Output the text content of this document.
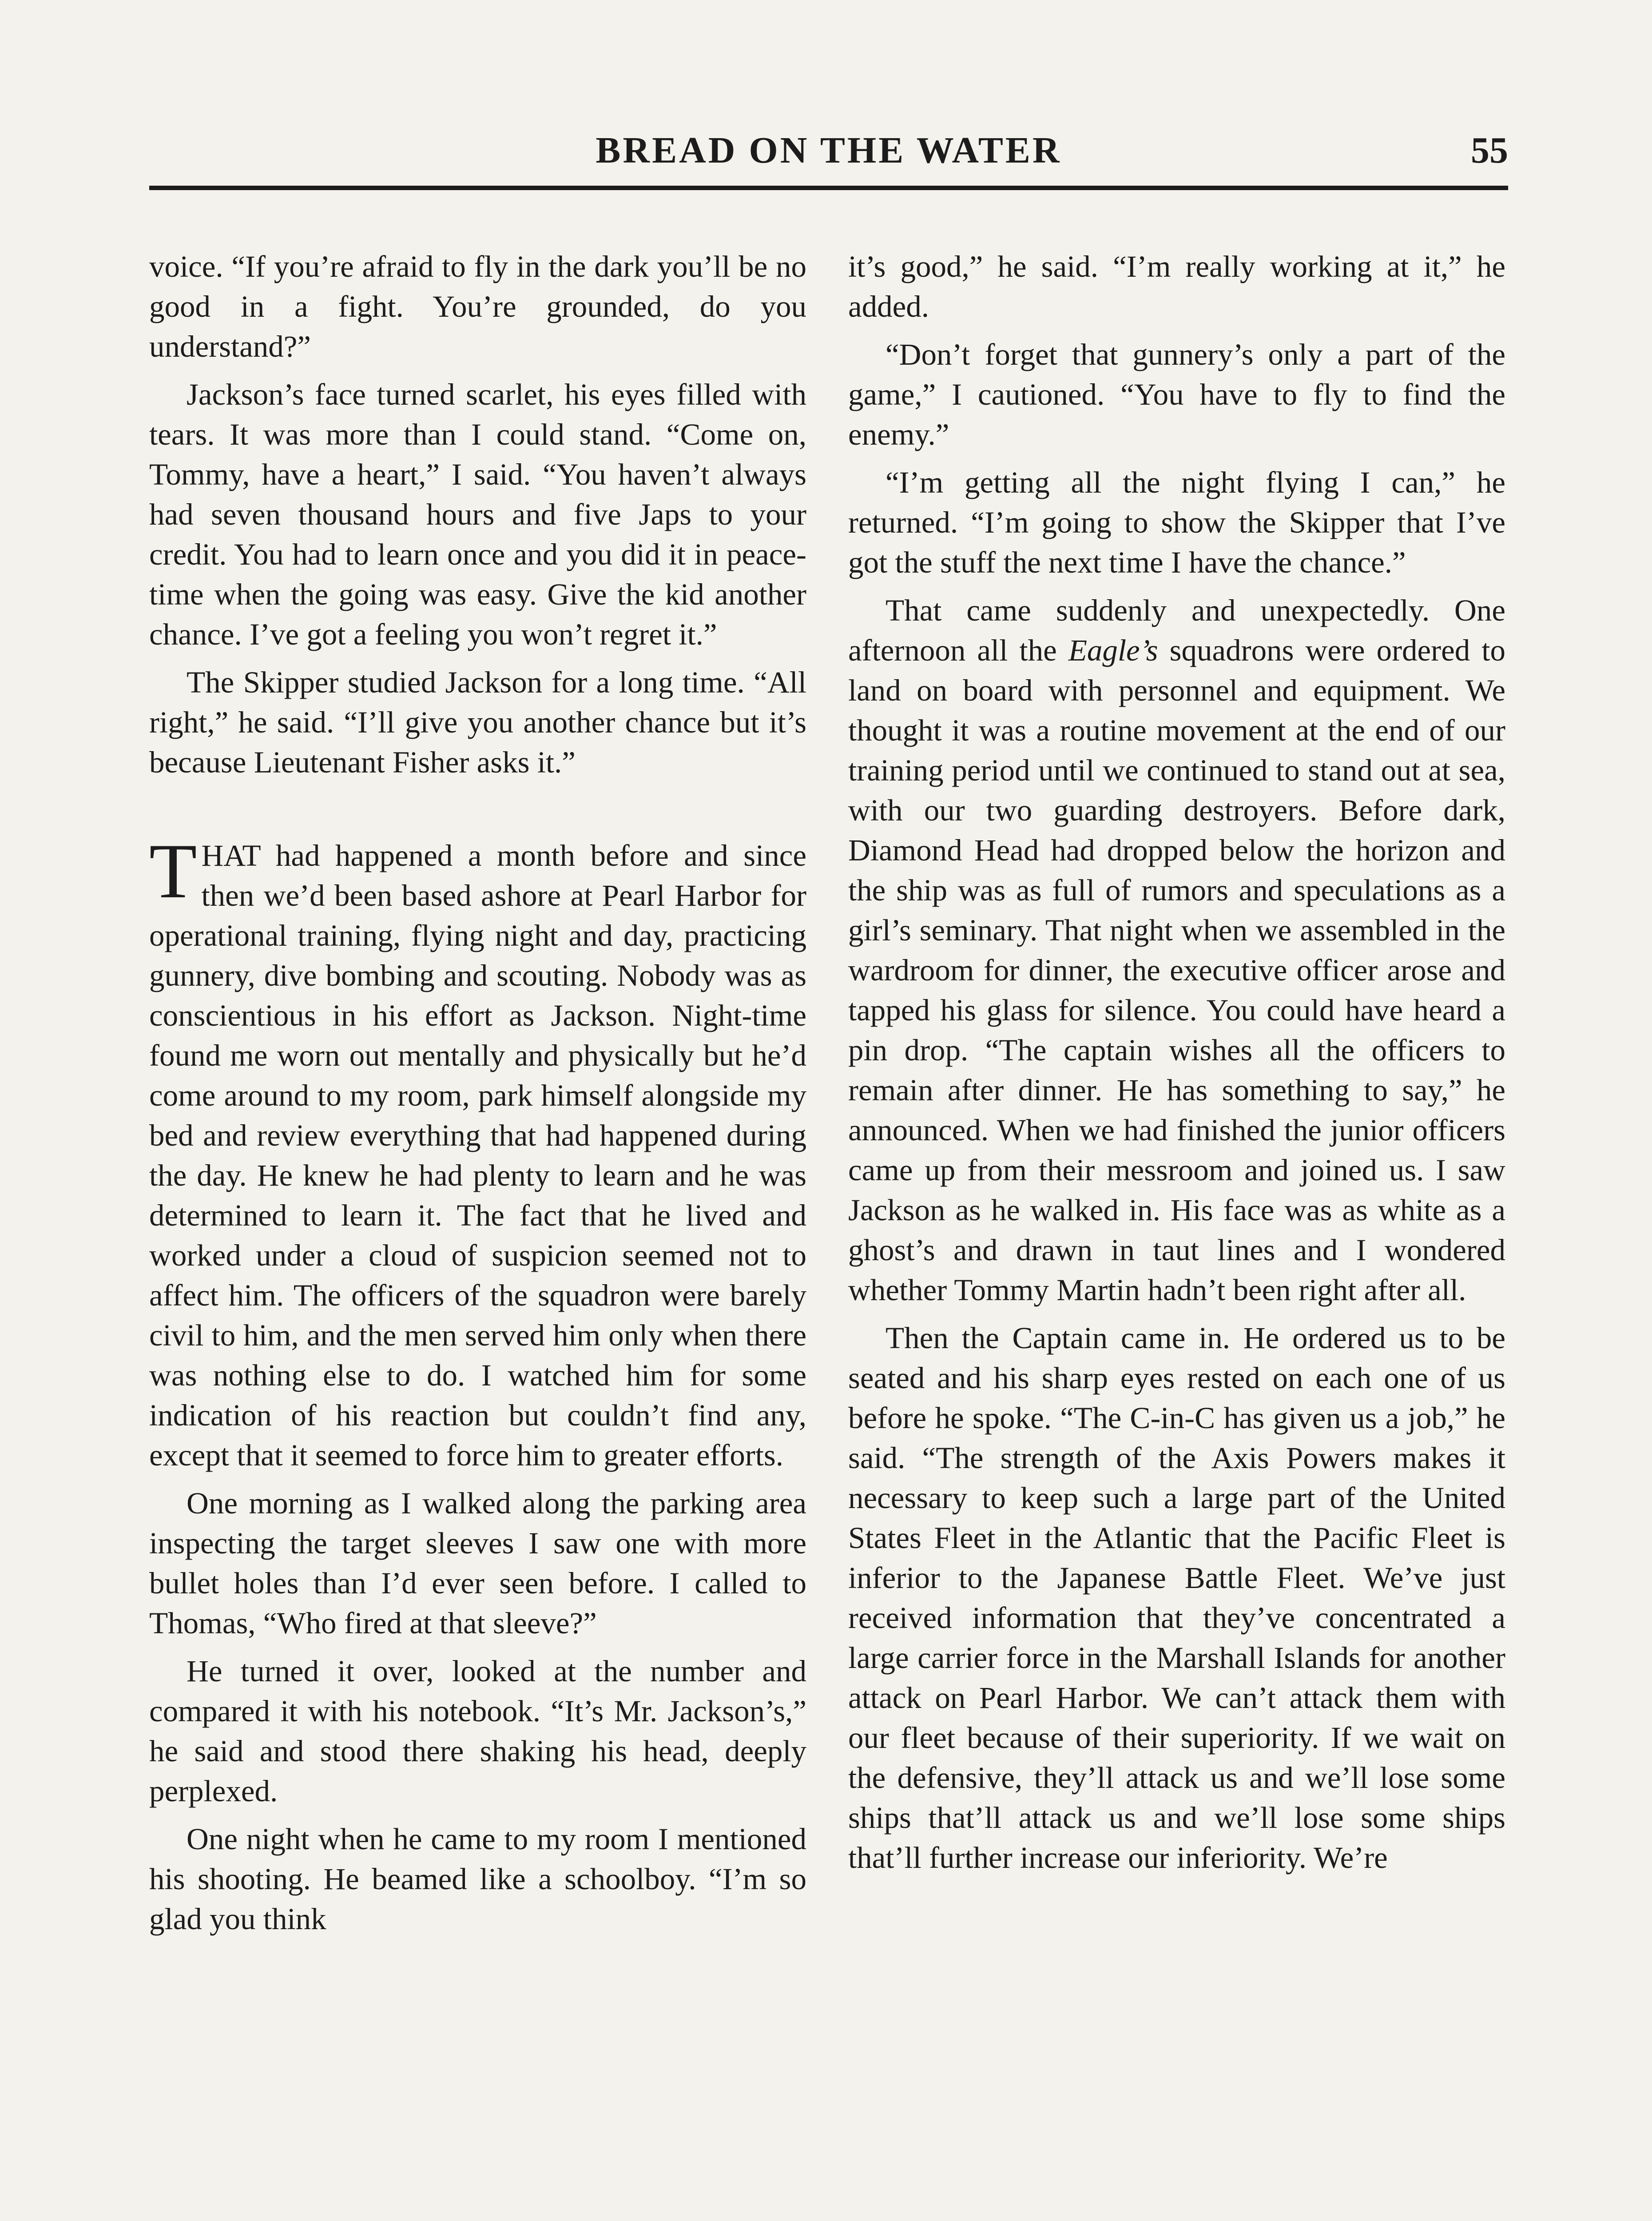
BREAD ON THE WATER	55

voice. “If you’re afraid to fly in the dark you’ll be no good in a fight. You’re grounded, do you understand?”

Jackson’s face turned scarlet, his eyes filled with tears. It was more than I could stand. “Come on, Tommy, have a heart,” I said. “You haven’t always had seven thousand hours and five Japs to your credit. You had to learn once and you did it in peace-time when the going was easy. Give the kid another chance. I’ve got a feeling you won’t regret it.”

The Skipper studied Jackson for a long time. “All right,” he said. “I’ll give you another chance but it’s because Lieutenant Fisher asks it.”

THAT had happened a month before and since then we’d been based ashore at Pearl Harbor for operational training, flying night and day, practicing gunnery, dive bombing and scouting. Nobody was as conscientious in his effort as Jackson. Night-time found me worn out mentally and physically but he’d come around to my room, park himself alongside my bed and review everything that had happened during the day. He knew he had plenty to learn and he was determined to learn it. The fact that he lived and worked under a cloud of suspicion seemed not to affect him. The officers of the squadron were barely civil to him, and the men served him only when there was nothing else to do. I watched him for some indication of his reaction but couldn’t find any, except that it seemed to force him to greater efforts.

One morning as I walked along the parking area inspecting the target sleeves I saw one with more bullet holes than I’d ever seen before. I called to Thomas, “Who fired at that sleeve?”

He turned it over, looked at the number and compared it with his notebook. “It’s Mr. Jackson’s,” he said and stood there shaking his head, deeply perplexed.

One night when he came to my room I mentioned his shooting. He beamed like a schoolboy. “I’m so glad you think

it’s good,” he said. “I’m really working at it,” he added.

“Don’t forget that gunnery’s only a part of the game,” I cautioned. “You have to fly to find the enemy.”

“I’m getting all the night flying I can,” he returned. “I’m going to show the Skipper that I’ve got the stuff the next time I have the chance.”

That came suddenly and unexpectedly. One afternoon all the Eagle’s squadrons were ordered to land on board with personnel and equipment. We thought it was a routine movement at the end of our training period until we continued to stand out at sea, with our two guarding destroyers. Before dark, Diamond Head had dropped below the horizon and the ship was as full of rumors and speculations as a girl’s seminary. That night when we assembled in the wardroom for dinner, the executive officer arose and tapped his glass for silence. You could have heard a pin drop. “The captain wishes all the officers to remain after dinner. He has something to say,” he announced. When we had finished the junior officers came up from their messroom and joined us. I saw Jackson as he walked in. His face was as white as a ghost’s and drawn in taut lines and I wondered whether Tommy Martin hadn’t been right after all.

Then the Captain came in. He ordered us to be seated and his sharp eyes rested on each one of us before he spoke. “The C-in-C has given us a job,” he said. “The strength of the Axis Powers makes it necessary to keep such a large part of the United States Fleet in the Atlantic that the Pacific Fleet is inferior to the Japanese Battle Fleet. We’ve just received information that they’ve concentrated a large carrier force in the Marshall Islands for another attack on Pearl Harbor. We can’t attack them with our fleet because of their superiority. If we wait on the defensive, they’ll attack us and we’ll lose some ships that’ll attack us and we’ll lose some ships that’ll further increase our inferiority. We’re
